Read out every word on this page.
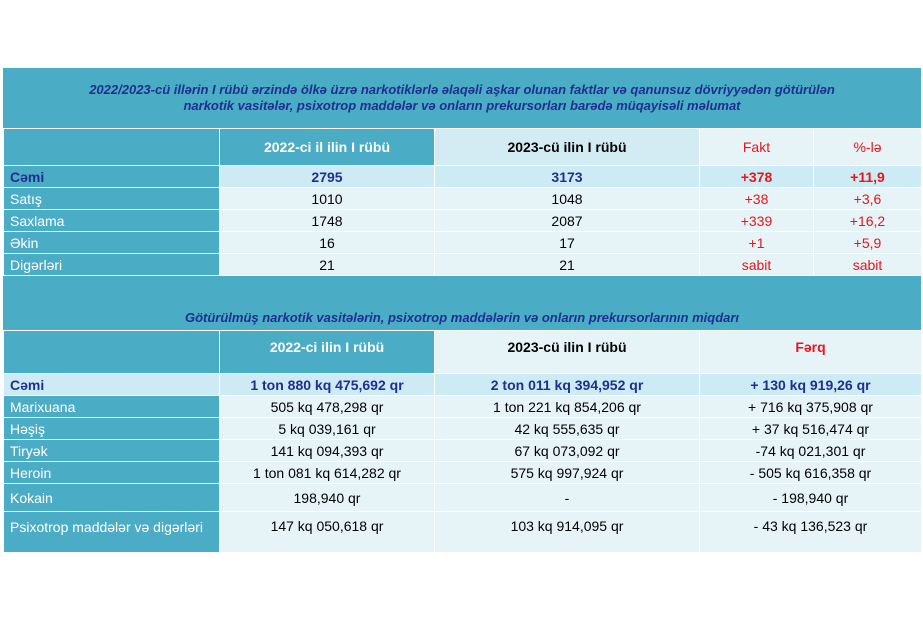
2022/2023-cü illərin I rübü ərzində ölkə üzrə narkotiklərlə əlaqəli aşkar olunan faktlar və qanunsuz dövriyyədən götürülən
narkotik vasitələr, psixotrop maddələr və onların prekursorları barədə müqayisəli məlumat
	2022-ci il ilin I rübü	2023-cü ilin I rübü	Fakt	%-lə
Cəmi	2795	3173	+378	+11,9
Satış	1010	1048	+38	+3,6
Saxlama	1748	2087	+339	+16,2
Əkin	16	17	+1	+5,9
Digərləri	21	21	sabit	sabit
Götürülmüş narkotik vasitələrin, psixotrop maddələrin və onların prekursorlarının miqdarı
	2022-ci ilin I rübü	2023-cü ilin I rübü	Fərq
Cəmi	1 ton 880 kq 475,692 qr	2 ton 011 kq 394,952 qr	+ 130 kq 919,26 qr
Marixuana	505 kq 478,298 qr	1 ton 221 kq 854,206 qr	+ 716 kq 375,908 qr
Həşiş	5 kq 039,161 qr	42 kq 555,635 qr	+ 37 kq 516,474 qr
Tiryək	141 kq 094,393 qr	67 kq 073,092 qr	-74 kq 021,301 qr
Heroin	1 ton 081 kq 614,282 qr	575 kq 997,924 qr	- 505 kq 616,358 qr
Kokain	198,940 qr	-	- 198,940 qr
Psixotrop maddələr və digərləri	147 kq 050,618 qr	103 kq 914,095 qr	- 43 kq 136,523 qr
